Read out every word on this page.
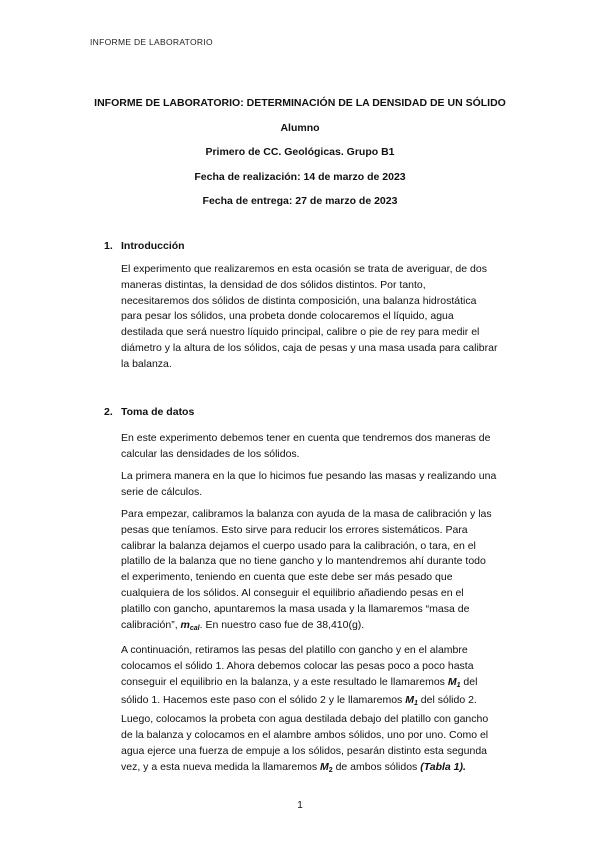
INFORME DE LABORATORIO
INFORME DE LABORATORIO: DETERMINACIÓN DE LA DENSIDAD DE UN SÓLIDO
Alumno
Primero de CC. Geológicas. Grupo B1
Fecha de realización: 14 de marzo de 2023
Fecha de entrega: 27 de marzo de 2023
1. Introducción
El experimento que realizaremos en esta ocasión se trata de averiguar, de dos
maneras distintas, la densidad de dos sólidos distintos. Por tanto,
necesitaremos dos sólidos de distinta composición, una balanza hidrostática
para pesar los sólidos, una probeta donde colocaremos el líquido, agua
destilada que será nuestro líquido principal, calibre o pie de rey para medir el
diámetro y la altura de los sólidos, caja de pesas y una masa usada para calibrar
la balanza.
2. Toma de datos
En este experimento debemos tener en cuenta que tendremos dos maneras de
calcular las densidades de los sólidos.
La primera manera en la que lo hicimos fue pesando las masas y realizando una
serie de cálculos.
Para empezar, calibramos la balanza con ayuda de la masa de calibración y las
pesas que teníamos. Esto sirve para reducir los errores sistemáticos. Para
calibrar la balanza dejamos el cuerpo usado para la calibración, o tara, en el
platillo de la balanza que no tiene gancho y lo mantendremos ahí durante todo
el experimento, teniendo en cuenta que este debe ser más pesado que
cualquiera de los sólidos. Al conseguir el equilibrio añadiendo pesas en el
platillo con gancho, apuntaremos la masa usada y la llamaremos “masa de
calibración”, $m_{cal}$. En nuestro caso fue de 38,410(g).
A continuación, retiramos las pesas del platillo con gancho y en el alambre
colocamos el sólido 1. Ahora debemos colocar las pesas poco a poco hasta
conseguir el equilibrio en la balanza, y a este resultado le llamaremos $M_1$ del
sólido 1. Hacemos este paso con el sólido 2 y le llamaremos $M_1$ del sólido 2.
Luego, colocamos la probeta con agua destilada debajo del platillo con gancho
de la balanza y colocamos en el alambre ambos sólidos, uno por uno. Como el
agua ejerce una fuerza de empuje a los sólidos, pesarán distinto esta segunda
vez, y a esta nueva medida la llamaremos $M_2$ de ambos sólidos (Tabla 1).
1
